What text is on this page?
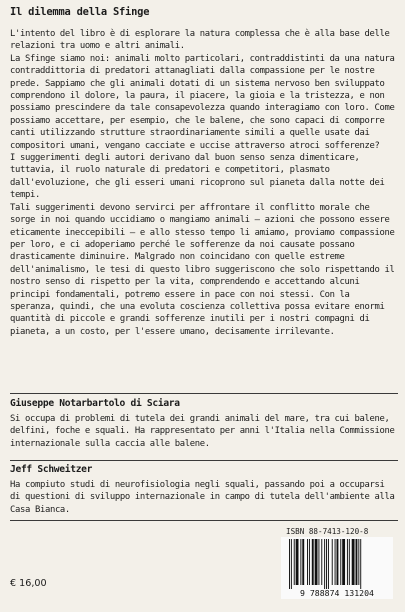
Il dilemma della Sfinge

L'intento del libro è di esplorare la natura complessa che è alla base delle relazioni tra uomo e altri animali.

La Sfinge siamo noi: animali molto particolari, contraddistinti da una natura contraddittoria di predatori attanagliati dalla compassione per le nostre prede. Sappiamo che gli animali dotati di un sistema nervoso ben sviluppato comprendono il dolore, la paura, il piacere, la gioia e la tristezza, e non possiamo prescindere da tale consapevolezza quando interagiamo con loro. Come possiamo accettare, per esempio, che le balene, che sono capaci di comporre canti utilizzando strutture straordinariamente simili a quelle usate dai compositori umani, vengano cacciate e uccise attraverso atroci sofferenze?

I suggerimenti degli autori derivano dal buon senso senza dimenticare, tuttavia, il ruolo naturale di predatori e competitori, plasmato dall'evoluzione, che gli esseri umani ricoprono sul pianeta dalla notte dei tempi.

Tali suggerimenti devono servirci per affrontare il conflitto morale che sorge in noi quando uccidiamo o mangiamo animali – azioni che possono essere eticamente ineccepibili – e allo stesso tempo li amiamo, proviamo compassione per loro, e ci adoperiamo perché le sofferenze da noi causate possano drasticamente diminuire. Malgrado non coincidano con quelle estreme dell'animalismo, le tesi di questo libro suggeriscono che solo rispettando il nostro senso di rispetto per la vita, comprendendo e accettando alcuni principi fondamentali, potremo essere in pace con noi stessi. Con la speranza, quindi, che una evoluta coscienza collettiva possa evitare enormi quantità di piccole e grandi sofferenze inutili per i nostri compagni di pianeta, a un costo, per l'essere umano, decisamente irrilevante.

Giuseppe Notarbartolo di Sciara
Si occupa di problemi di tutela dei grandi animali del mare, tra cui balene, delfini, foche e squali. Ha rappresentato per anni l'Italia nella Commissione internazionale sulla caccia alle balene.
Jeff Schweitzer
Ha compiuto studi di neurofisiologia negli squali, passando poi a occuparsi di questioni di sviluppo internazionale in campo di tutela dell'ambiente alla Casa Bianca.
ISBN 88-7413-120-8
9 788874 131204
€ 16,00
